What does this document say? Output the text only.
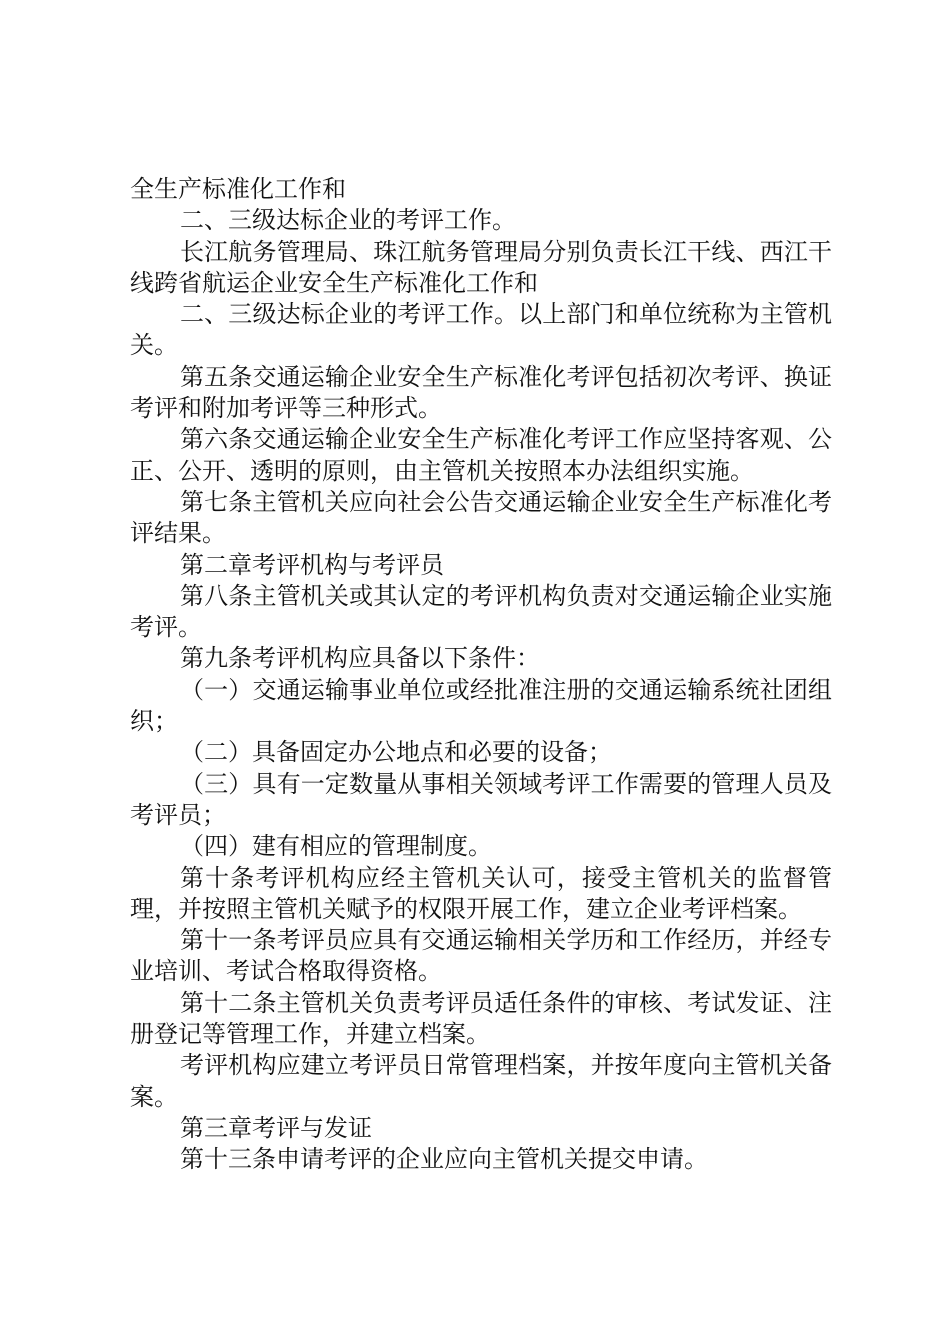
全生产标准化工作和

二、三级达标企业的考评工作。

长江航务管理局、珠江航务管理局分别负责长江干线、西江干线跨省航运企业安全生产标准化工作和

二、三级达标企业的考评工作。以上部门和单位统称为主管机关。

第五条交通运输企业安全生产标准化考评包括初次考评、换证考评和附加考评等三种形式。

第六条交通运输企业安全生产标准化考评工作应坚持客观、公正、公开、透明的原则，由主管机关按照本办法组织实施。

第七条主管机关应向社会公告交通运输企业安全生产标准化考评结果。

第二章考评机构与考评员

第八条主管机关或其认定的考评机构负责对交通运输企业实施考评。

第九条考评机构应具备以下条件：

（一）交通运输事业单位或经批准注册的交通运输系统社团组织；

（二）具备固定办公地点和必要的设备；

（三）具有一定数量从事相关领域考评工作需要的管理人员及考评员；

（四）建有相应的管理制度。

第十条考评机构应经主管机关认可，接受主管机关的监督管理，并按照主管机关赋予的权限开展工作，建立企业考评档案。

第十一条考评员应具有交通运输相关学历和工作经历，并经专业培训、考试合格取得资格。

第十二条主管机关负责考评员适任条件的审核、考试发证、注册登记等管理工作，并建立档案。

考评机构应建立考评员日常管理档案，并按年度向主管机关备案。

第三章考评与发证

第十三条申请考评的企业应向主管机关提交申请。
